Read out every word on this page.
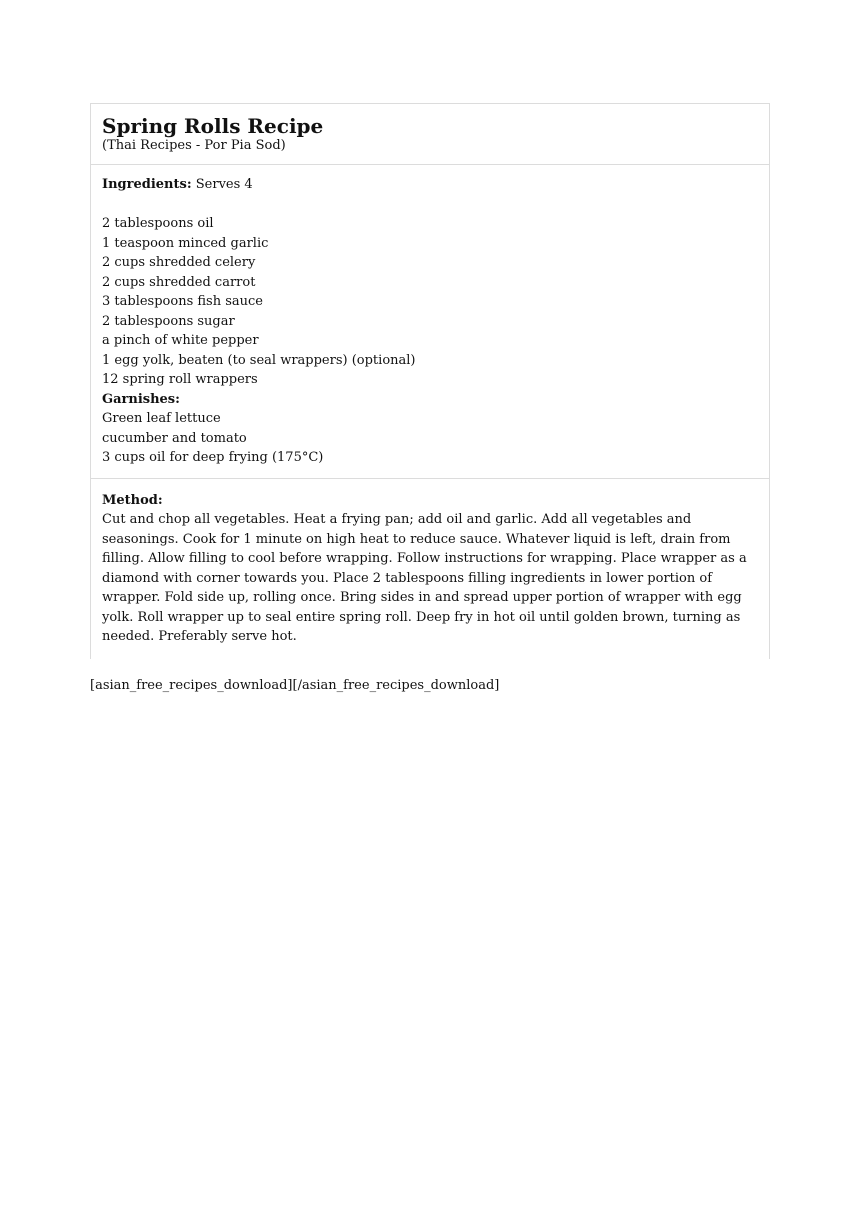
Spring Rolls Recipe

(Thai Recipes - Por Pia Sod)

Ingredients: Serves 4
2 tablespoons oil
1 teaspoon minced garlic
2 cups shredded celery
2 cups shredded carrot
3 tablespoons fish sauce
2 tablespoons sugar
a pinch of white pepper
1 egg yolk, beaten (to seal wrappers) (optional)
12 spring roll wrappers
Garnishes:
Green leaf lettuce
cucumber and tomato
3 cups oil for deep frying (175°C)
Method:

Cut and chop all vegetables. Heat a frying pan; add oil and garlic. Add all vegetables and seasonings. Cook for 1 minute on high heat to reduce sauce. Whatever liquid is left, drain from filling. Allow filling to cool before wrapping. Follow instructions for wrapping. Place wrapper as a diamond with corner towards you. Place 2 tablespoons filling ingredients in lower portion of wrapper. Fold side up, rolling once. Bring sides in and spread upper portion of wrapper with egg yolk. Roll wrapper up to seal entire spring roll. Deep fry in hot oil until golden brown, turning as needed. Preferably serve hot.

[asian_free_recipes_download][/asian_free_recipes_download]
